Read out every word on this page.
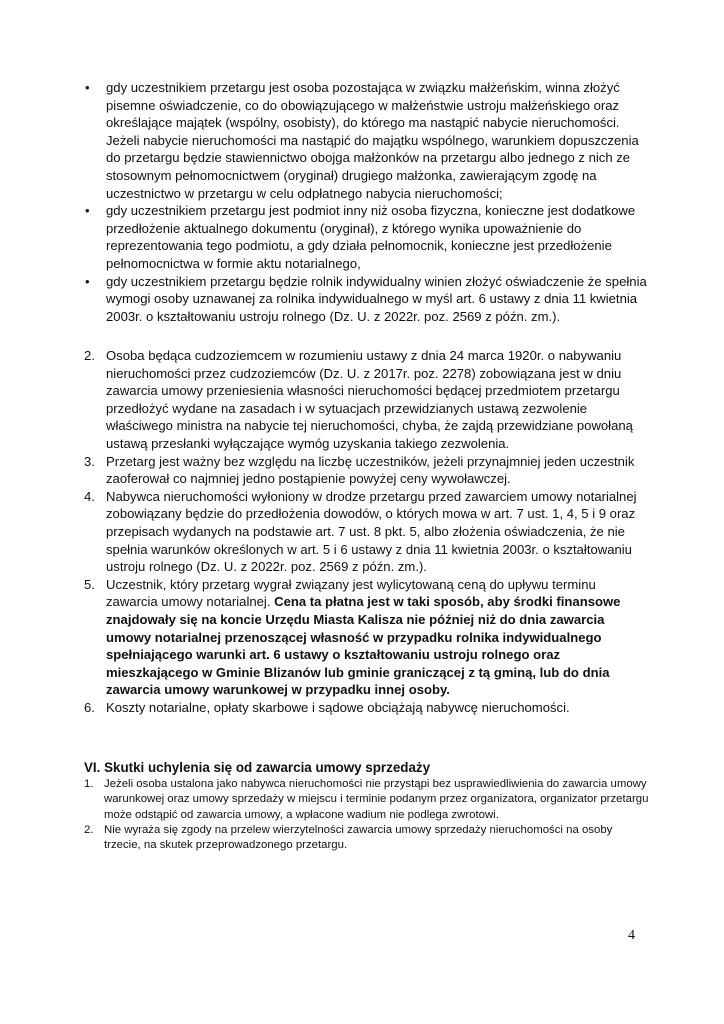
• gdy uczestnikiem przetargu jest osoba pozostająca w związku małżeńskim, winna złożyć pisemne oświadczenie, co do obowiązującego w małżeństwie ustroju małżeńskiego oraz określające majątek (wspólny, osobisty), do którego ma nastąpić nabycie nieruchomości. Jeżeli nabycie nieruchomości ma nastąpić do majątku wspólnego, warunkiem dopuszczenia do przetargu będzie stawiennictwo obojga małżonków na przetargu albo jednego z nich ze stosownym pełnomocnictwem (oryginał) drugiego małżonka, zawierającym zgodę na uczestnictwo w przetargu w celu odpłatnego nabycia nieruchomości;
• gdy uczestnikiem przetargu jest podmiot inny niż osoba fizyczna, konieczne jest dodatkowe przedłożenie aktualnego dokumentu (oryginał), z którego wynika upoważnienie do reprezentowania tego podmiotu, a gdy działa pełnomocnik, konieczne jest przedłożenie pełnomocnictwa w formie aktu notarialnego,
• gdy uczestnikiem przetargu będzie rolnik indywidualny winien złożyć oświadczenie że spełnia wymogi osoby uznawanej za rolnika indywidualnego w myśl art. 6 ustawy z dnia 11 kwietnia 2003r. o kształtowaniu ustroju rolnego (Dz. U. z 2022r. poz. 2569 z późn. zm.).
2. Osoba będąca cudzoziemcem w rozumieniu ustawy z dnia 24 marca 1920r. o nabywaniu nieruchomości przez cudzoziemców (Dz. U. z 2017r. poz. 2278) zobowiązana jest w dniu zawarcia umowy przeniesienia własności nieruchomości będącej przedmiotem przetargu przedłożyć wydane na zasadach i w sytuacjach przewidzianych ustawą zezwolenie właściwego ministra na nabycie tej nieruchomości, chyba, że zajdą przewidziane powołaną ustawą przesłanki wyłączające wymóg uzyskania takiego zezwolenia.
3. Przetarg jest ważny bez względu na liczbę uczestników, jeżeli przynajmniej jeden uczestnik zaoferował co najmniej jedno postąpienie powyżej ceny wywoławczej.
4. Nabywca nieruchomości wyłoniony w drodze przetargu przed zawarciem umowy notarialnej zobowiązany będzie do przedłożenia dowodów, o których mowa w art. 7 ust. 1, 4, 5 i 9 oraz przepisach wydanych na podstawie art. 7 ust. 8 pkt. 5, albo złożenia oświadczenia, że nie spełnia warunków określonych w art. 5 i 6 ustawy z dnia 11 kwietnia 2003r. o kształtowaniu ustroju rolnego (Dz. U. z 2022r. poz. 2569 z późn. zm.).
5. Uczestnik, który przetarg wygrał związany jest wylicytowaną ceną do upływu terminu zawarcia umowy notarialnej. Cena ta płatna jest w taki sposób, aby środki finansowe znajdowały się na koncie Urzędu Miasta Kalisza nie później niż do dnia zawarcia umowy notarialnej przenoszącej własność w przypadku rolnika indywidualnego spełniającego warunki art. 6 ustawy o kształtowaniu ustroju rolnego oraz mieszkającego w Gminie Blizanów lub gminie graniczącej z tą gminą, lub do dnia zawarcia umowy warunkowej w przypadku innej osoby.
6. Koszty notarialne, opłaty skarbowe i sądowe obciążają nabywcę nieruchomości.
VI. Skutki uchylenia się od zawarcia umowy sprzedaży
1. Jeżeli osoba ustalona jako nabywca nieruchomości nie przystąpi bez usprawiedliwienia do zawarcia umowy warunkowej oraz umowy sprzedaży w miejscu i terminie podanym przez organizatora, organizator przetargu może odstąpić od zawarcia umowy, a wpłacone wadium nie podlega zwrotowi.
2. Nie wyraża się zgody na przelew wierzytelności zawarcia umowy sprzedaży nieruchomości na osoby trzecie, na skutek przeprowadzonego przetargu.
4
